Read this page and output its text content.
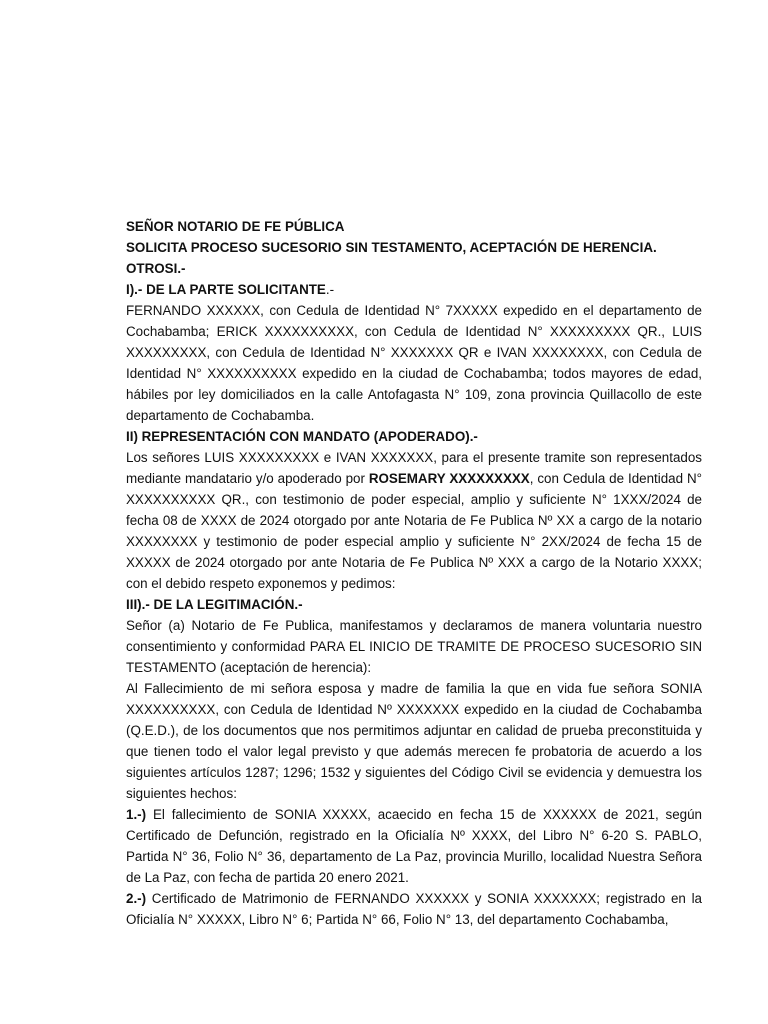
SEÑOR NOTARIO DE FE PÚBLICA

SOLICITA PROCESO SUCESORIO SIN TESTAMENTO, ACEPTACIÓN DE HERENCIA.

OTROSI.-

I).- DE LA PARTE SOLICITANTE.-

FERNANDO XXXXXX, con Cedula de Identidad N° 7XXXXX expedido en el departamento de Cochabamba; ERICK XXXXXXXXXX, con Cedula de Identidad N° XXXXXXXXX QR., LUIS XXXXXXXXX, con Cedula de Identidad N° XXXXXXX QR e IVAN XXXXXXXX, con Cedula de Identidad N° XXXXXXXXXX expedido en la ciudad de Cochabamba; todos mayores de edad, hábiles por ley domiciliados en la calle Antofagasta N° 109, zona provincia Quillacollo de este departamento de Cochabamba.

II) REPRESENTACIÓN CON MANDATO (APODERADO).-

Los señores LUIS XXXXXXXXX e IVAN XXXXXXX, para el presente tramite son representados mediante mandatario y/o apoderado por ROSEMARY XXXXXXXXX, con Cedula de Identidad N° XXXXXXXXXX QR., con testimonio de poder especial, amplio y suficiente N° 1XXX/2024 de fecha 08 de XXXX de 2024 otorgado por ante Notaria de Fe Publica Nº XX a cargo de la notario XXXXXXXX y testimonio de poder especial amplio y suficiente N° 2XX/2024 de fecha 15 de XXXXX de 2024 otorgado por ante Notaria de Fe Publica Nº XXX a cargo de la Notario XXXX; con el debido respeto exponemos y pedimos:

III).- DE LA LEGITIMACIÓN.-

Señor (a) Notario de Fe Publica, manifestamos y declaramos de manera voluntaria nuestro consentimiento y conformidad PARA EL INICIO DE TRAMITE DE PROCESO SUCESORIO SIN TESTAMENTO (aceptación de herencia):

Al Fallecimiento de mi señora esposa y madre de familia la que en vida fue señora SONIA XXXXXXXXXX, con Cedula de Identidad Nº XXXXXXX expedido en la ciudad de Cochabamba (Q.E.D.), de los documentos que nos permitimos adjuntar en calidad de prueba preconstituida y que tienen todo el valor legal previsto y que además merecen fe probatoria de acuerdo a los siguientes artículos 1287; 1296; 1532 y siguientes del Código Civil se evidencia y demuestra los siguientes hechos:

1.-) El fallecimiento de SONIA XXXXX, acaecido en fecha 15 de XXXXXX de 2021, según Certificado de Defunción, registrado en la Oficialía Nº XXXX, del Libro N° 6-20 S. PABLO, Partida N° 36, Folio N° 36, departamento de La Paz, provincia Murillo, localidad Nuestra Señora de La Paz, con fecha de partida 20 enero 2021.

2.-) Certificado de Matrimonio de FERNANDO XXXXXX y SONIA XXXXXXX; registrado en la Oficialía N° XXXXX, Libro N° 6; Partida N° 66, Folio N° 13, del departamento Cochabamba,
